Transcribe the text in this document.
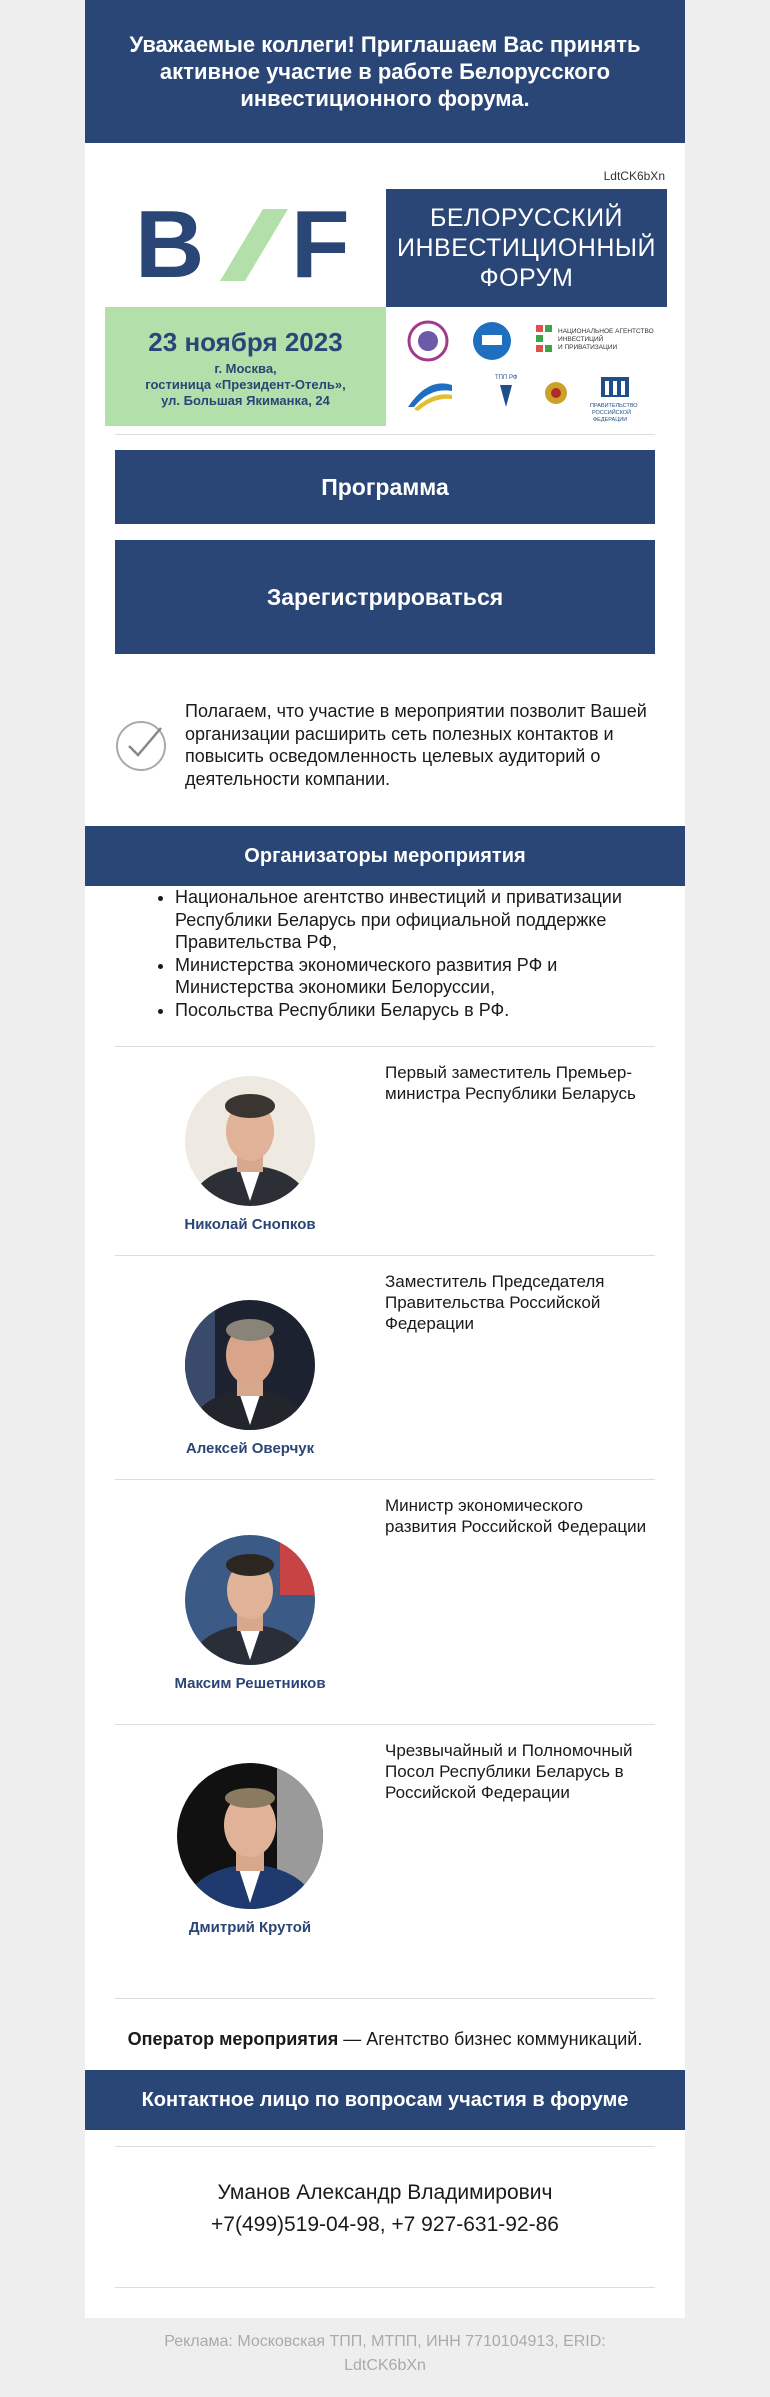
Уважаемые коллеги! Приглашаем Вас принять активное участие в работе Белорусского инвестиционного форума.
LdtCK6bXn
B F	БЕЛОРУССКИЙ
ИНВЕСТИЦИОННЫЙ
ФОРУМ
23 ноября 2023
г. Москва,
гостиница «Президент-Отель»,
ул. Большая Якиманка, 24
НАЦИОНАЛЬНОЕ АГЕНТСТВО
ИНВЕСТИЦИЙ
И ПРИВАТИЗАЦИИ
ТПП РФ
ПРАВИТЕЛЬСТВО
РОССИЙСКОЙ
ФЕДЕРАЦИИ
Программа
Зарегистрироваться

Полагаем, что участие в мероприятии позволит Вашей организации расширить сеть полезных контактов и повысить осведомленность целевых аудиторий о деятельности компании.

Организаторы мероприятия
• Национальное агентство инвестиций и приватизации Республики Беларусь при официальной поддержке Правительства РФ,
• Министерства экономического развития РФ и Министерства экономики Белоруссии,
• Посольства Республики Беларусь в РФ.
Николай Снопков
Первый заместитель Премьер-министра Республики Беларусь
Алексей Оверчук
Заместитель Председателя Правительства Российской Федерации
Максим Решетников
Министр экономического развития Российской Федерации
Дмитрий Крутой
Чрезвычайный и Полномочный Посол Республики Беларусь в Российской Федерации
Оператор мероприятия — Агентство бизнес коммуникаций.
Контактное лицо по вопросам участия в форуме
Уманов Александр Владимирович
+7(499)519-04-98, +7 927-631-92-86
Реклама: Московская ТПП, МТПП, ИНН 7710104913, ERID:
LdtCK6bXn
